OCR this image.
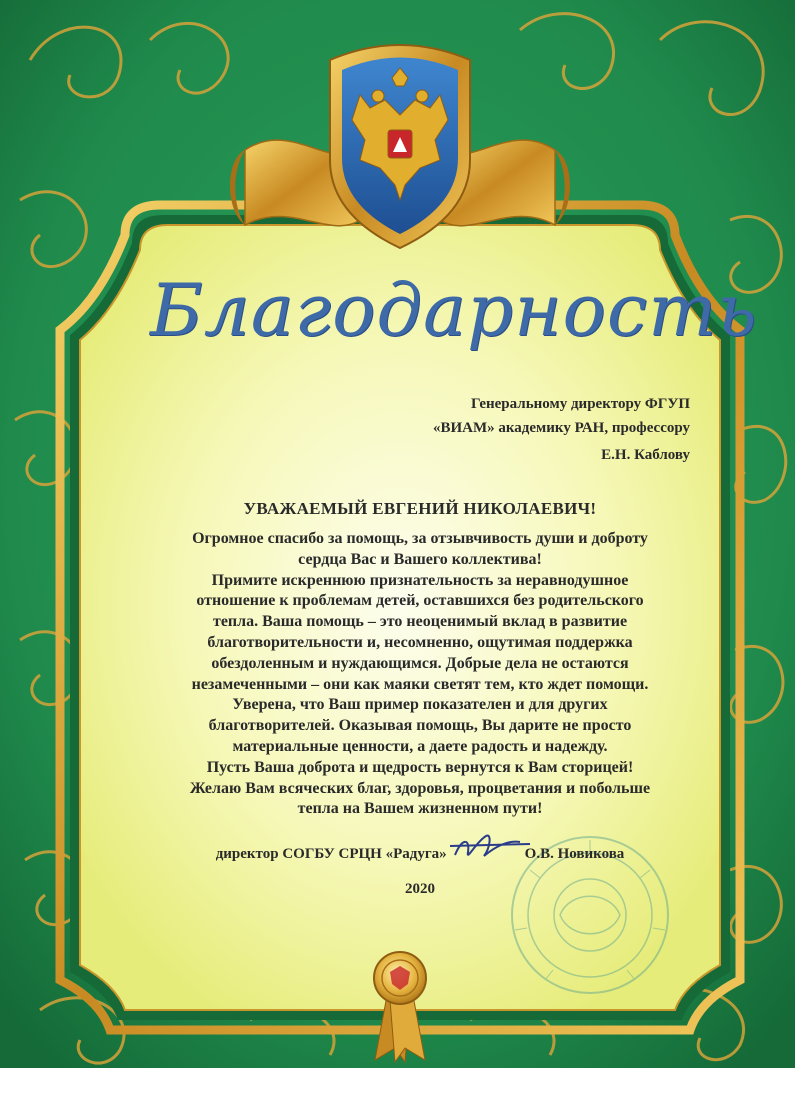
Благодарность
Генеральному директору ФГУП
«ВИАМ» академику РАН, профессору
Е.Н. Каблову
УВАЖАЕМЫЙ ЕВГЕНИЙ НИКОЛАЕВИЧ!
Огромное спасибо за помощь, за отзывчивость души и доброту
сердца Вас и Вашего коллектива!
Примите искреннюю признательность за неравнодушное
отношение к проблемам детей, оставшихся без родительского
тепла. Ваша помощь – это неоценимый вклад в развитие
благотворительности и, несомненно, ощутимая поддержка
обездоленным и нуждающимся. Добрые дела не остаются
незамеченными – они как маяки светят тем, кто ждет помощи.
Уверена, что Ваш пример показателен и для других
благотворителей. Оказывая помощь, Вы дарите не просто
материальные ценности, а даете радость и надежду.
Пусть Ваша доброта и щедрость вернутся к Вам сторицей!
Желаю Вам всяческих благ, здоровья, процветания и побольше
тепла на Вашем жизненном пути!
директор СОГБУ СРЦН «Радуга»	О.В. Новикова
2020
